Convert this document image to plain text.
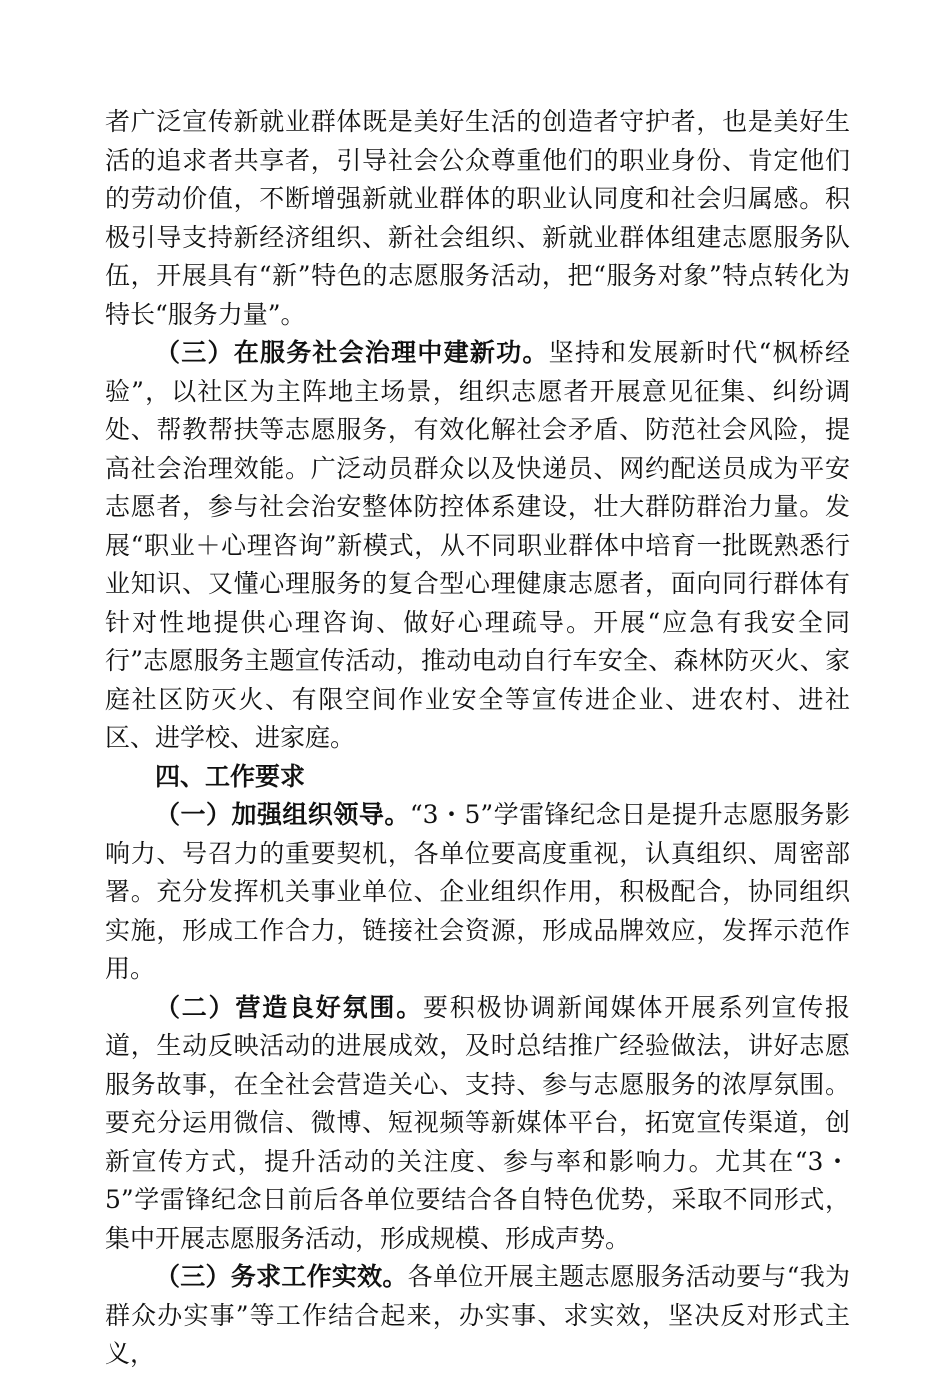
者广泛宣传新就业群体既是美好生活的创造者守护者，也是美好生活的追求者共享者，引导社会公众尊重他们的职业身份、肯定他们的劳动价值，不断增强新就业群体的职业认同度和社会归属感。积极引导支持新经济组织、新社会组织、新就业群体组建志愿服务队伍，开展具有“新”特色的志愿服务活动，把“服务对象”特点转化为特长“服务力量”。

（三）在服务社会治理中建新功。坚持和发展新时代“枫桥经验”，以社区为主阵地主场景，组织志愿者开展意见征集、纠纷调处、帮教帮扶等志愿服务，有效化解社会矛盾、防范社会风险，提高社会治理效能。广泛动员群众以及快递员、网约配送员成为平安志愿者，参与社会治安整体防控体系建设，壮大群防群治力量。发展“职业＋心理咨询”新模式，从不同职业群体中培育一批既熟悉行业知识、又懂心理服务的复合型心理健康志愿者，面向同行群体有针对性地提供心理咨询、做好心理疏导。开展“应急有我安全同行”志愿服务主题宣传活动，推动电动自行车安全、森林防灭火、家庭社区防灭火、有限空间作业安全等宣传进企业、进农村、进社区、进学校、进家庭。

四、工作要求

（一）加强组织领导。“3・5”学雷锋纪念日是提升志愿服务影响力、号召力的重要契机，各单位要高度重视，认真组织、周密部署。充分发挥机关事业单位、企业组织作用，积极配合，协同组织实施，形成工作合力，链接社会资源，形成品牌效应，发挥示范作用。

（二）营造良好氛围。要积极协调新闻媒体开展系列宣传报道，生动反映活动的进展成效，及时总结推广经验做法，讲好志愿服务故事，在全社会营造关心、支持、参与志愿服务的浓厚氛围。要充分运用微信、微博、短视频等新媒体平台，拓宽宣传渠道，创新宣传方式，提升活动的关注度、参与率和影响力。尤其在“3・5”学雷锋纪念日前后各单位要结合各自特色优势，采取不同形式，集中开展志愿服务活动，形成规模、形成声势。

（三）务求工作实效。各单位开展主题志愿服务活动要与“我为群众办实事”等工作结合起来，办实事、求实效，坚决反对形式主义，
